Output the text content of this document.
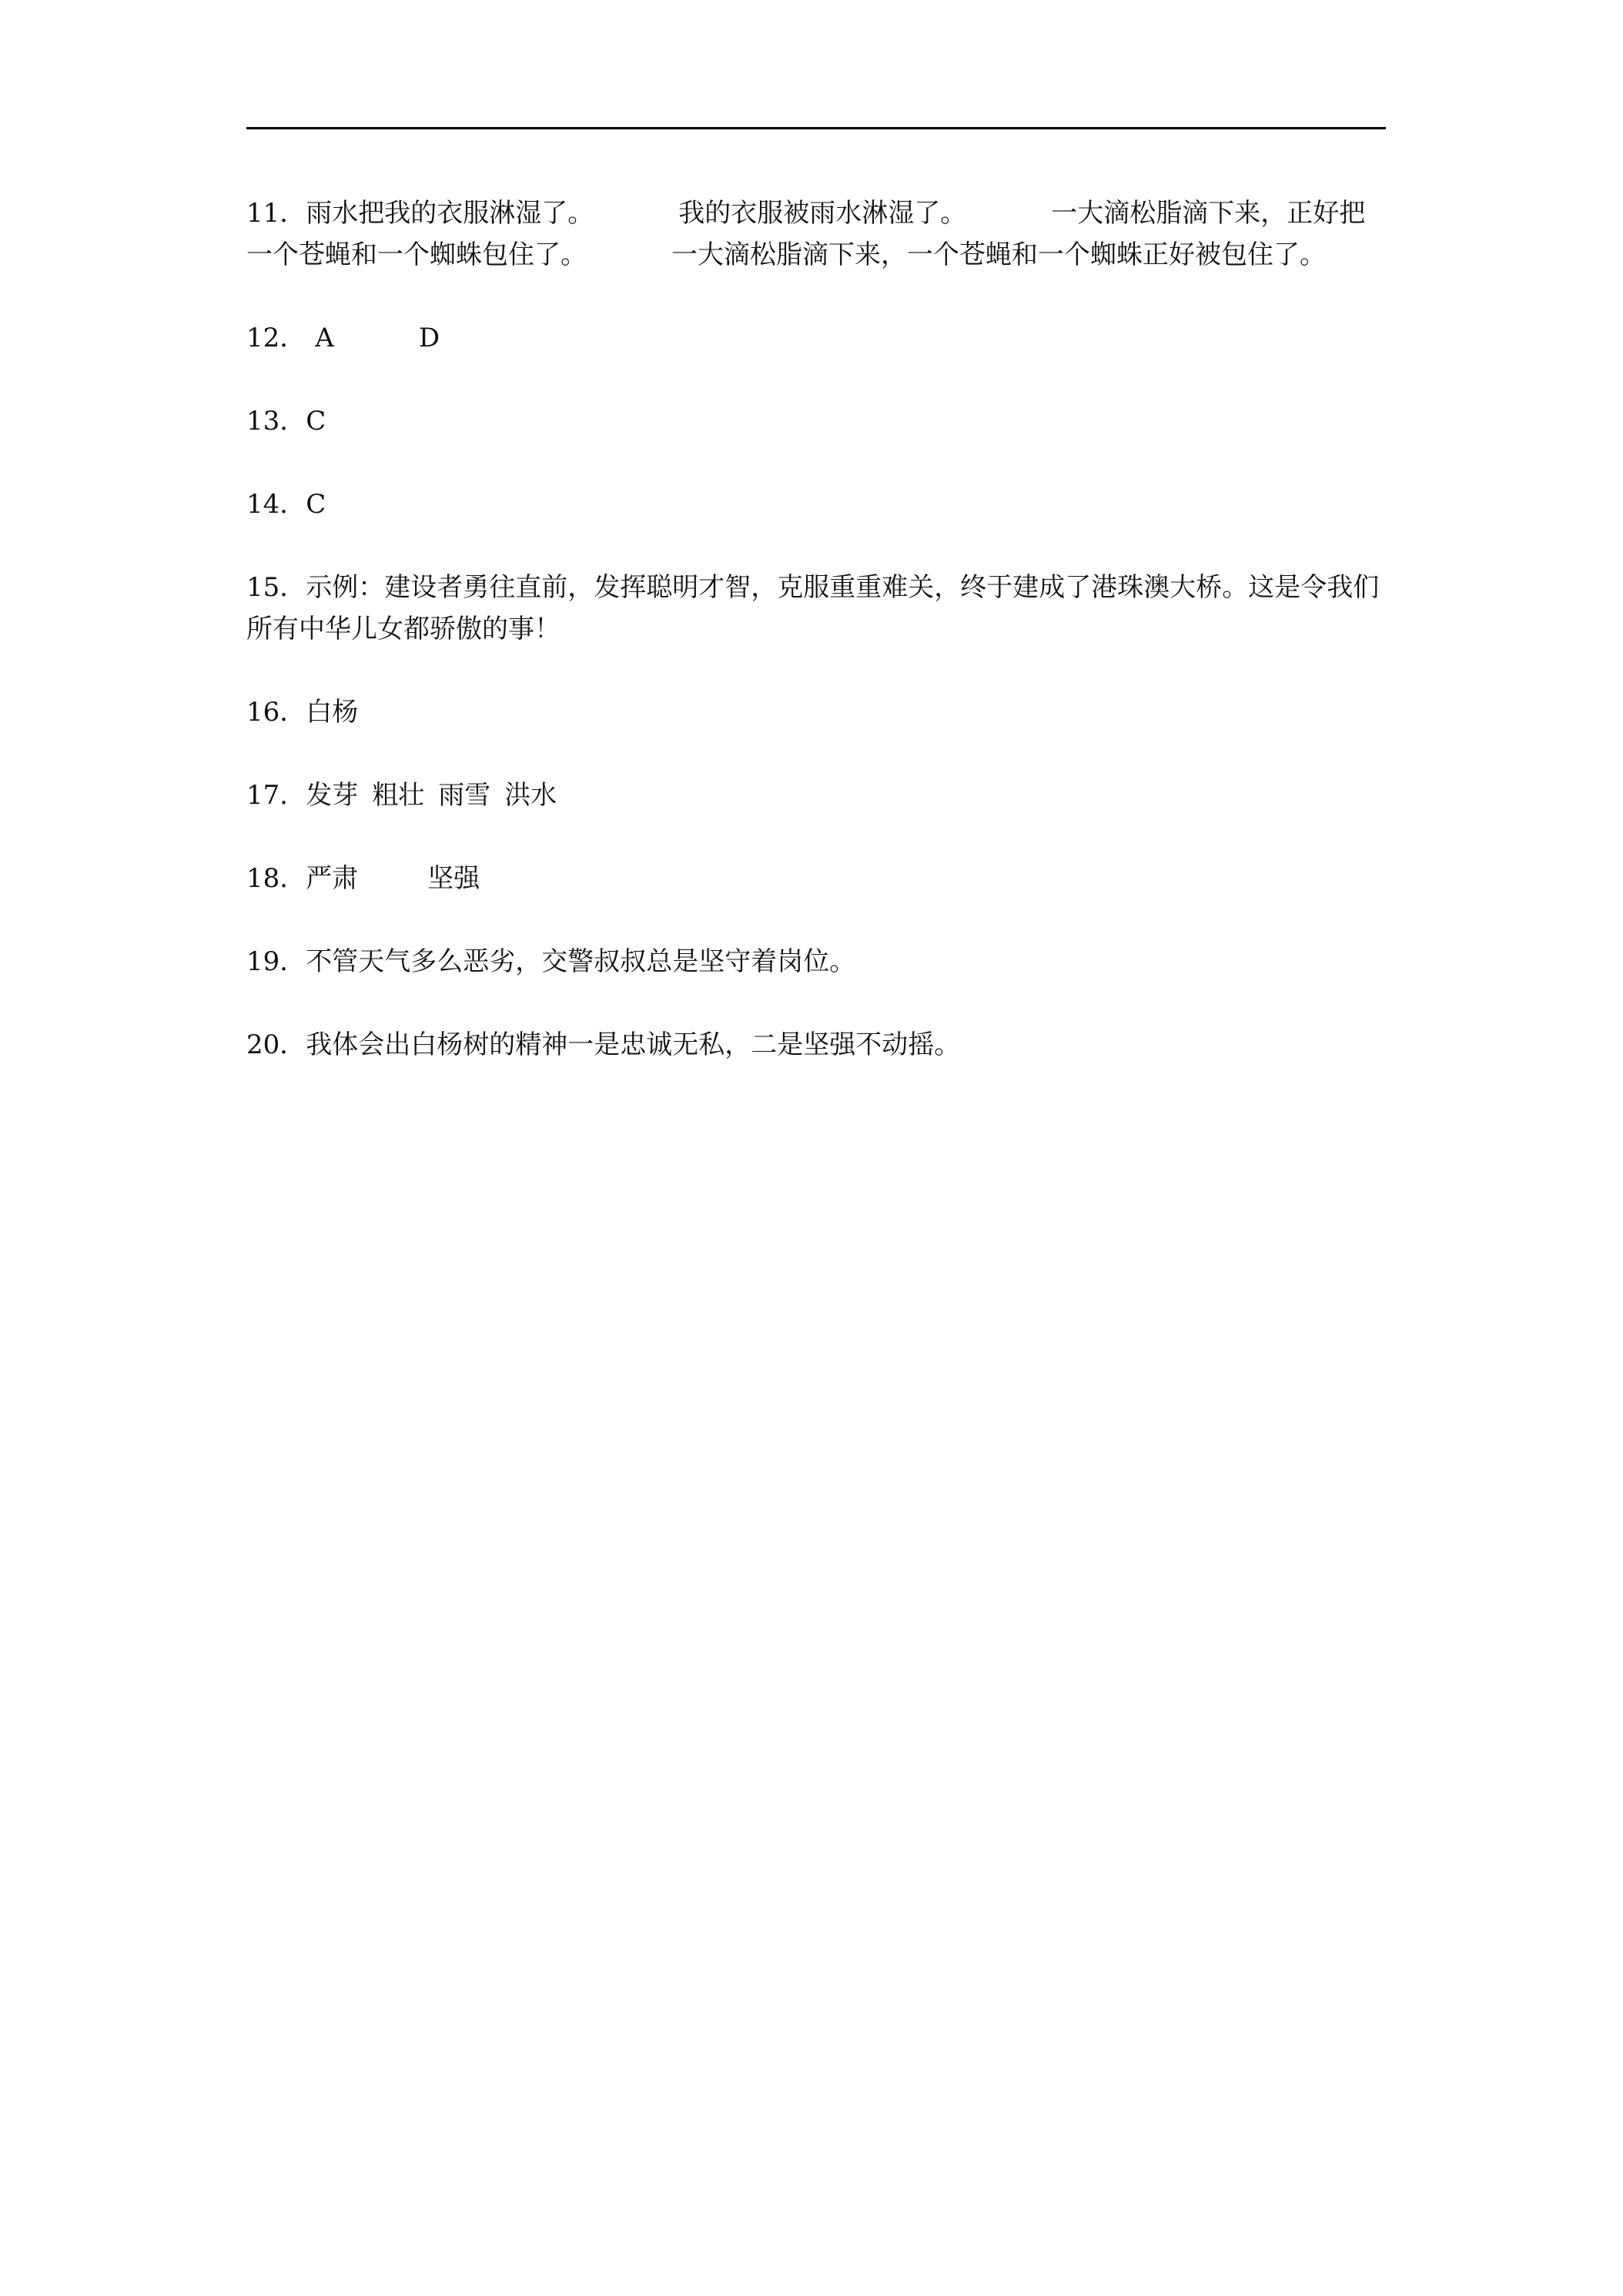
11．雨水把我的衣服淋湿了。	我的衣服被雨水淋湿了。	一大滴松脂滴下来，正好把一个苍蝇和一个蜘蛛包住了。	一大滴松脂滴下来，一个苍蝇和一个蜘蛛正好被包住了。

12． A	D

13．C

14．C

15．示例：建设者勇往直前，发挥聪明才智，克服重重难关，终于建成了港珠澳大桥。这是令我们所有中华儿女都骄傲的事！

16．白杨

17．发芽 粗壮 雨雪 洪水

18．严肃	坚强

19．不管天气多么恶劣，交警叔叔总是坚守着岗位。

20．我体会出白杨树的精神一是忠诚无私，二是坚强不动摇。
